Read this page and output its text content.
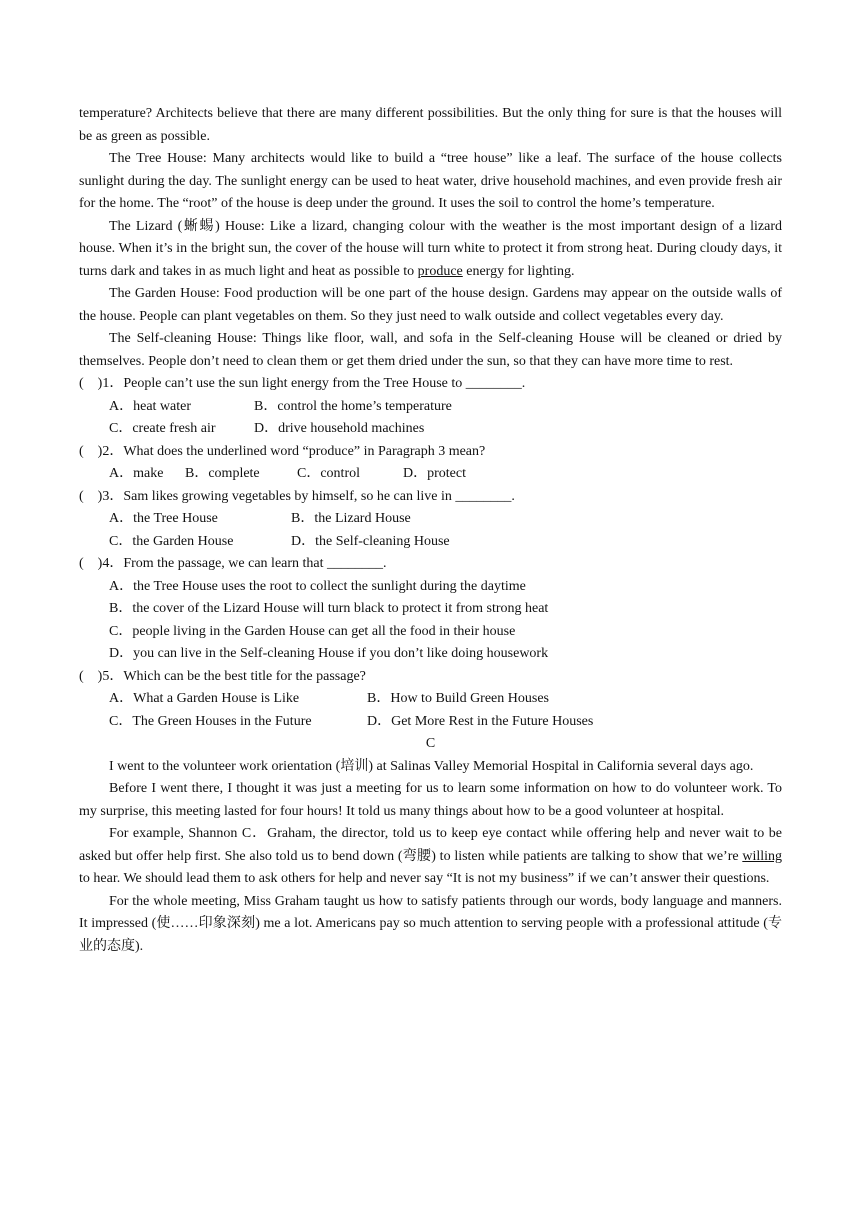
temperature? Architects believe that there are many different possibilities. But the only thing for sure is that the houses will be as green as possible.

The Tree House: Many architects would like to build a “tree house” like a leaf. The surface of the house collects sunlight during the day. The sunlight energy can be used to heat water, drive household machines, and even provide fresh air for the home. The “root” of the house is deep under the ground. It uses the soil to control the home’s temperature.

The Lizard (蜥蜴) House: Like a lizard, changing colour with the weather is the most important design of a lizard house. When it’s in the bright sun, the cover of the house will turn white to protect it from strong heat. During cloudy days, it turns dark and takes in as much light and heat as possible to produce energy for lighting.

The Garden House: Food production will be one part of the house design. Gardens may appear on the outside walls of the house. People can plant vegetables on them. So they just need to walk outside and collect vegetables every day.

The Self-cleaning House: Things like floor, wall, and sofa in the Self-cleaning House will be cleaned or dried by themselves. People don’t need to clean them or get them dried under the sun, so that they can have more time to rest.

(    )1．People can’t use the sun light energy from the Tree House to ________.
A．heat water	B．control the home’s temperature
C．create fresh air	D．drive household machines
(    )2．What does the underlined word “produce” in Paragraph 3 mean?
A．make B．complete	C．control	D．protect
(    )3．Sam likes growing vegetables by himself, so he can live in ________.
A．the Tree House	B．the Lizard House
C．the Garden House	D．the Self-cleaning House
(    )4．From the passage, we can learn that ________.
A．the Tree House uses the root to collect the sunlight during the daytime
B．the cover of the Lizard House will turn black to protect it from strong heat
C．people living in the Garden House can get all the food in their house
D．you can live in the Self-cleaning House if you don’t like doing housework
(    )5．Which can be the best title for the passage?
A．What a Garden House is Like	B．How to Build Green Houses
C．The Green Houses in the Future	D．Get More Rest in the Future Houses
C

I went to the volunteer work orientation (培训) at Salinas Valley Memorial Hospital in California several days ago.

Before I went there, I thought it was just a meeting for us to learn some information on how to do volunteer work. To my surprise, this meeting lasted for four hours! It told us many things about how to be a good volunteer at hospital.

For example, Shannon C．Graham, the director, told us to keep eye contact while offering help and never wait to be asked but offer help first. She also told us to bend down (弯腰) to listen while patients are talking to show that we’re willing to hear. We should lead them to ask others for help and never say “It is not my business” if we can’t answer their questions.

For the whole meeting, Miss Graham taught us how to satisfy patients through our words, body language and manners. It impressed (使……印象深刻) me a lot. Americans pay so much attention to serving people with a professional attitude (专业的态度).
